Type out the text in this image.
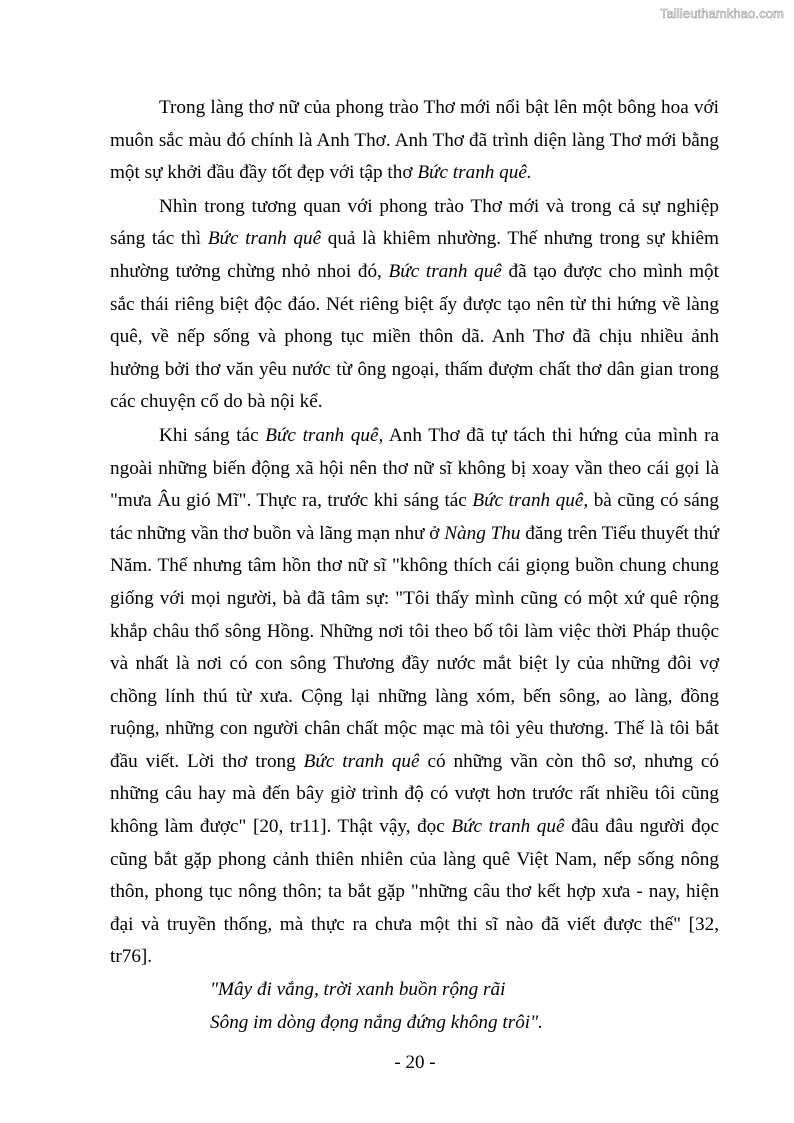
Tailieuthamkhao.com

Trong làng thơ nữ của phong trào Thơ mới nổi bật lên một bông hoa với muôn sắc màu đó chính là Anh Thơ. Anh Thơ đã trình diện làng Thơ mới bằng một sự khởi đầu đầy tốt đẹp với tập thơ Bức tranh quê.

Nhìn trong tương quan với phong trào Thơ mới và trong cả sự nghiệp sáng tác thì Bức tranh quê quả là khiêm nhường. Thế nhưng trong sự khiêm nhường tưởng chừng nhỏ nhoi đó, Bức tranh quê đã tạo được cho mình một sắc thái riêng biệt độc đáo. Nét riêng biệt ấy được tạo nên từ thi hứng về làng quê, về nếp sống và phong tục miền thôn dã. Anh Thơ đã chịu nhiều ảnh hưởng bởi thơ văn yêu nước từ ông ngoại, thấm đượm chất thơ dân gian trong các chuyện cổ do bà nội kể.

Khi sáng tác Bức tranh quê, Anh Thơ đã tự tách thi hứng của mình ra ngoài những biến động xã hội nên thơ nữ sĩ không bị xoay vần theo cái gọi là "mưa Âu gió Mĩ". Thực ra, trước khi sáng tác Bức tranh quê, bà cũng có sáng tác những vần thơ buồn và lãng mạn như ở Nàng Thu đăng trên Tiểu thuyết thứ Năm. Thế nhưng tâm hồn thơ nữ sĩ "không thích cái giọng buồn chung chung giống với mọi người, bà đã tâm sự: "Tôi thấy mình cũng có một xứ quê rộng khắp châu thổ sông Hồng. Những nơi tôi theo bố tôi làm việc thời Pháp thuộc và nhất là nơi có con sông Thương đầy nước mắt biệt ly của những đôi vợ chồng lính thú từ xưa. Cộng lại những làng xóm, bến sông, ao làng, đồng ruộng, những con người chân chất mộc mạc mà tôi yêu thương. Thế là tôi bắt đầu viết. Lời thơ trong Bức tranh quê có những vần còn thô sơ, nhưng có những câu hay mà đến bây giờ trình độ có vượt hơn trước rất nhiều tôi cũng không làm được" [20, tr11]. Thật vậy, đọc Bức tranh quê đâu đâu người đọc cũng bắt gặp phong cảnh thiên nhiên của làng quê Việt Nam, nếp sống nông thôn, phong tục nông thôn; ta bắt gặp "những câu thơ kết hợp xưa - nay, hiện đại và truyền thống, mà thực ra chưa một thi sĩ nào đã viết được thế" [32, tr76].

"Mây đi vắng, trời xanh buồn rộng rãi

Sông im dòng đọng nắng đứng không trôi".

- 20 -
